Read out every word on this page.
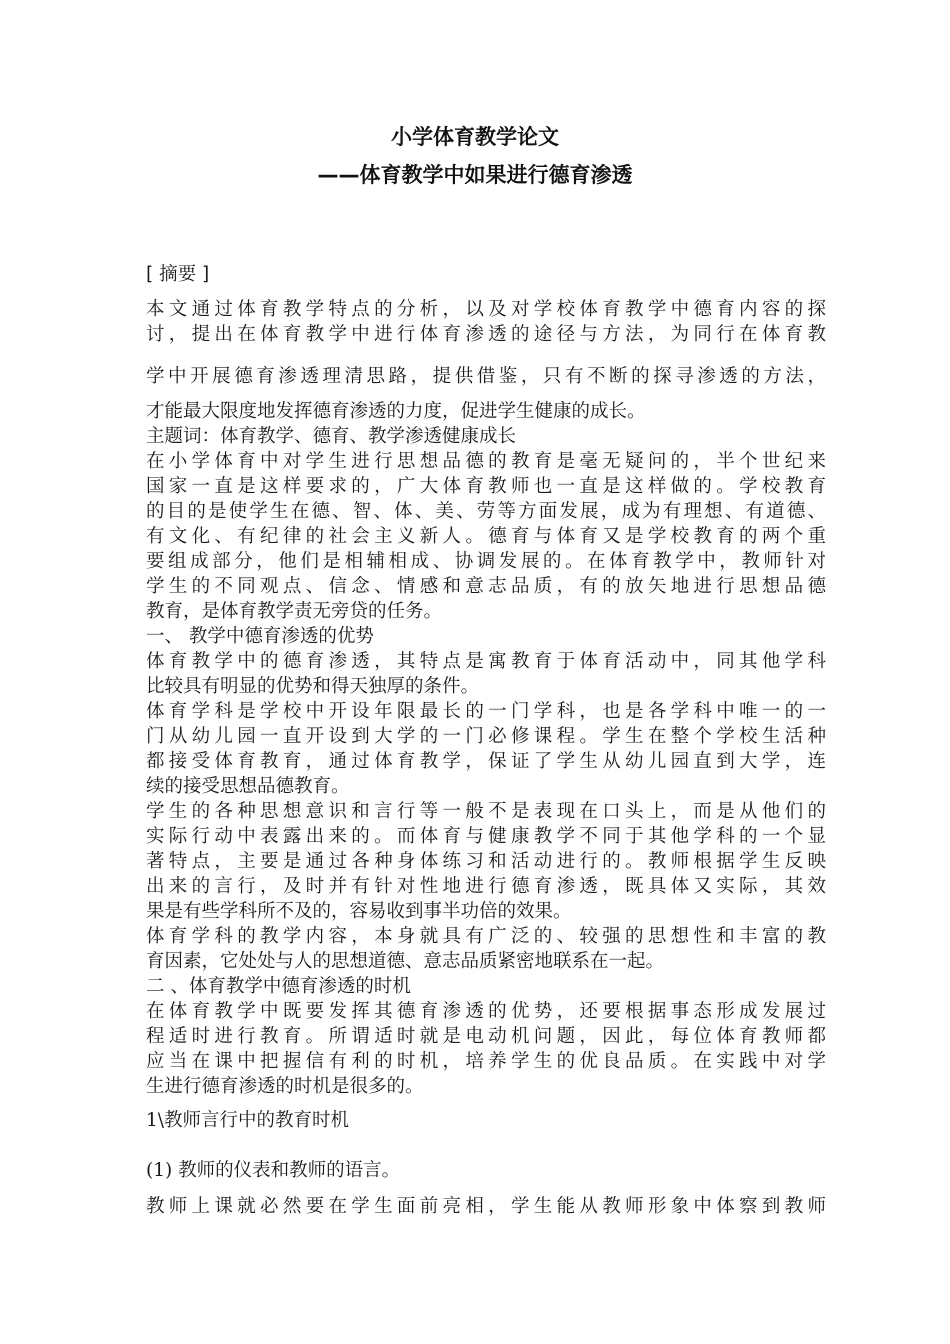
小学体育教学论文
——体育教学中如果进行德育渗透
[ 摘要 ]
本文通过体育教学特点的分析，以及对学校体育教学中德育内容的探
讨，提出在体育教学中进行体育渗透的途径与方法，为同行在体育教
学中开展德育渗透理清思路，提供借鉴，只有不断的探寻渗透的方法，
才能最大限度地发挥德育渗透的力度，促进学生健康的成长。
主题词：体育教学、德育、教学渗透健康成长
在小学体育中对学生进行思想品德的教育是毫无疑问的，半个世纪来
国家一直是这样要求的，广大体育教师也一直是这样做的。学校教育
的目的是使学生在德、智、体、美、劳等方面发展，成为有理想、有道德、
有文化、有纪律的社会主义新人。德育与体育又是学校教育的两个重
要组成部分，他们是相辅相成、协调发展的。在体育教学中，教师针对
学生的不同观点、信念、情感和意志品质，有的放矢地进行思想品德
教育，是体育教学责无旁贷的任务。
一、 教学中德育渗透的优势
体育教学中的德育渗透，其特点是寓教育于体育活动中，同其他学科
比较具有明显的优势和得天独厚的条件。
体育学科是学校中开设年限最长的一门学科，也是各学科中唯一的一
门从幼儿园一直开设到大学的一门必修课程。学生在整个学校生活种
都接受体育教育，通过体育教学，保证了学生从幼儿园直到大学，连
续的接受思想品德教育。
学生的各种思想意识和言行等一般不是表现在口头上，而是从他们的
实际行动中表露出来的。而体育与健康教学不同于其他学科的一个显
著特点，主要是通过各种身体练习和活动进行的。教师根据学生反映
出来的言行，及时并有针对性地进行德育渗透，既具体又实际，其效
果是有些学科所不及的，容易收到事半功倍的效果。
体育学科的教学内容，本身就具有广泛的、较强的思想性和丰富的教
育因素，它处处与人的思想道德、意志品质紧密地联系在一起。
二 、体育教学中德育渗透的时机
在体育教学中既要发挥其德育渗透的优势，还要根据事态形成发展过
程适时进行教育。所谓适时就是电动机问题，因此，每位体育教师都
应当在课中把握信有利的时机，培养学生的优良品质。在实践中对学
生进行德育渗透的时机是很多的。
1\教师言行中的教育时机
(1) 教师的仪表和教师的语言。
教师上课就必然要在学生面前亮相，学生能从教师形象中体察到教师
